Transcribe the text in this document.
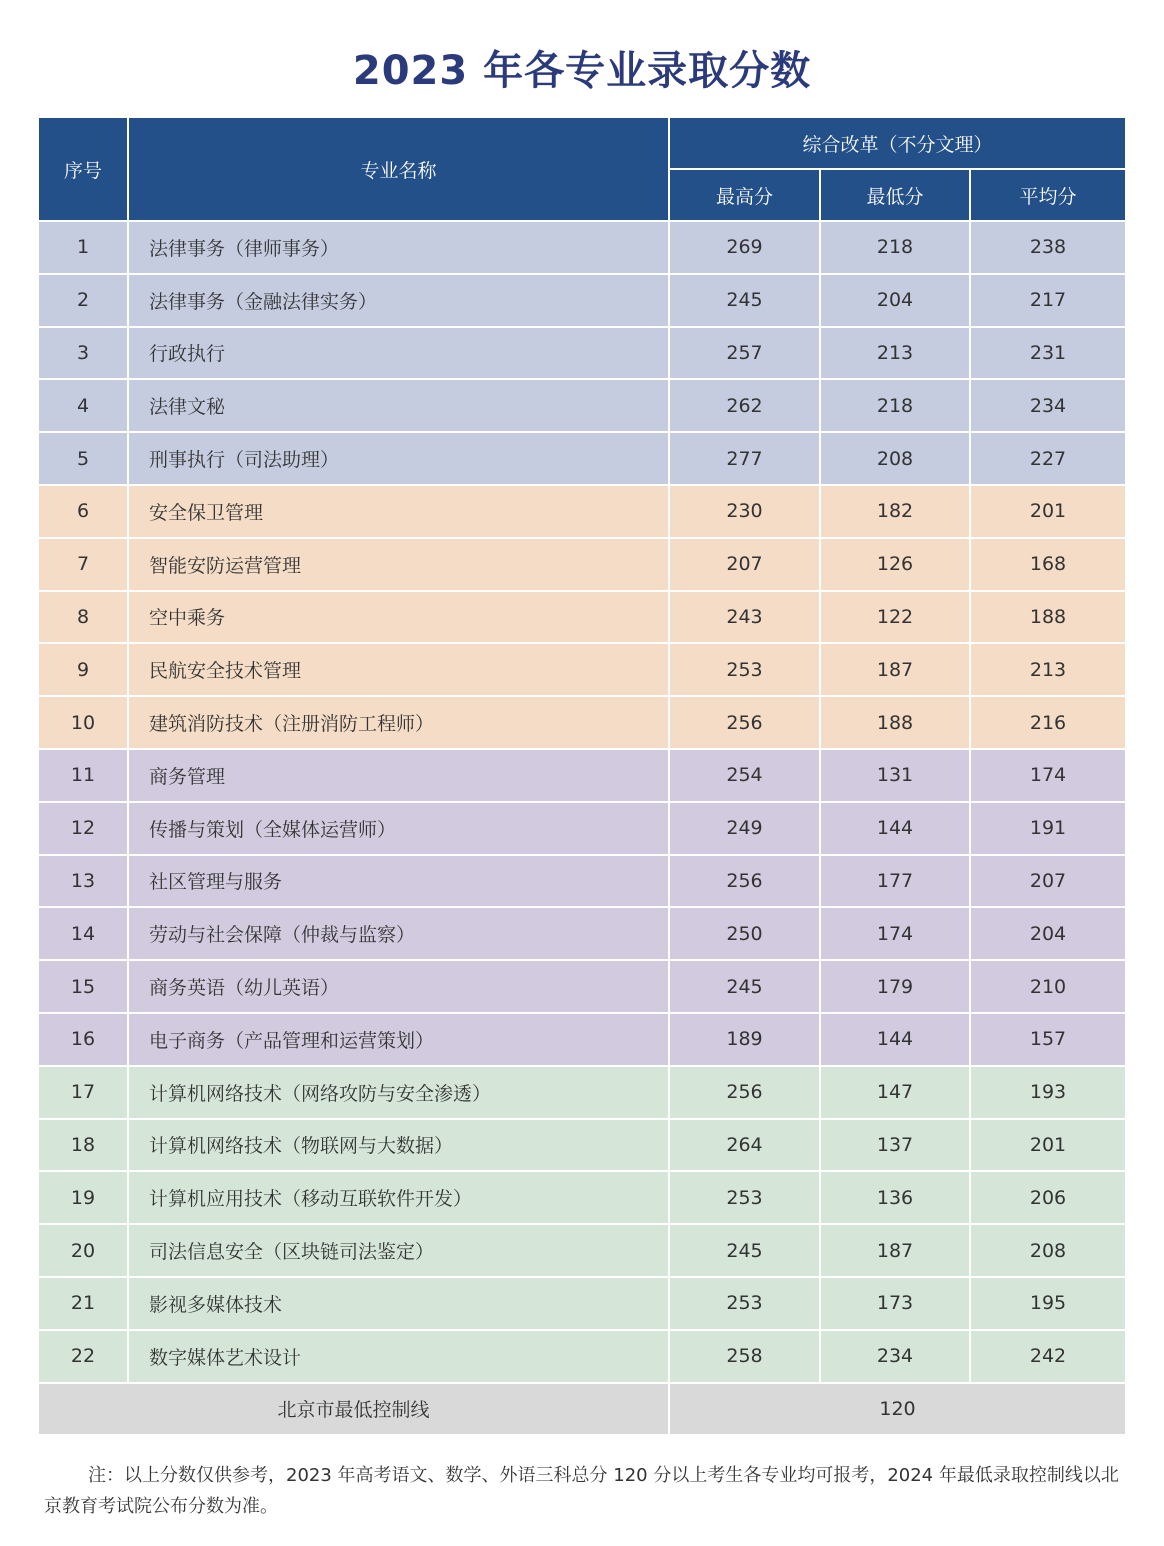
2023 年各专业录取分数
序号	专业名称	综合改革（不分文理）		
		最高分	最低分	平均分
1	法律事务（律师事务）	269	218	238
2	法律事务（金融法律实务）	245	204	217
3	行政执行	257	213	231
4	法律文秘	262	218	234
5	刑事执行（司法助理）	277	208	227
6	安全保卫管理	230	182	201
7	智能安防运营管理	207	126	168
8	空中乘务	243	122	188
9	民航安全技术管理	253	187	213
10	建筑消防技术（注册消防工程师）	256	188	216
11	商务管理	254	131	174
12	传播与策划（全媒体运营师）	249	144	191
13	社区管理与服务	256	177	207
14	劳动与社会保障（仲裁与监察）	250	174	204
15	商务英语（幼儿英语）	245	179	210
16	电子商务（产品管理和运营策划）	189	144	157
17	计算机网络技术（网络攻防与安全渗透）	256	147	193
18	计算机网络技术（物联网与大数据）	264	137	201
19	计算机应用技术（移动互联软件开发）	253	136	206
20	司法信息安全（区块链司法鉴定）	245	187	208
21	影视多媒体技术	253	173	195
22	数字媒体艺术设计	258	234	242
北京市最低控制线		120		
注：以上分数仅供参考，2023 年高考语文、数学、外语三科总分 120 分以上考生各专业均可报考，2024 年最低录取控制线以北京教育考试院公布分数为准。
